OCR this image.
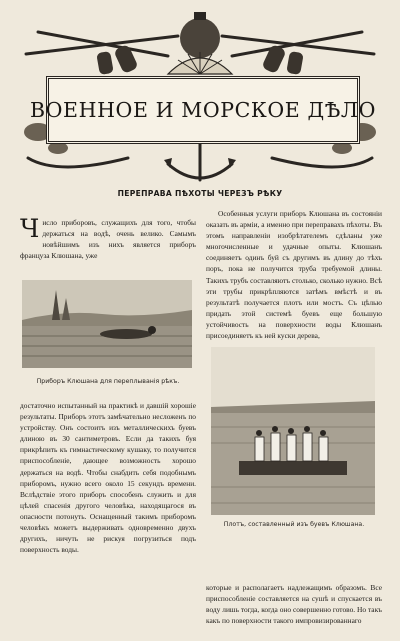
ВОЕННОЕ И МОРСКОЕ ДѢЛО
ПЕРЕПРАВА ПѢХОТЫ ЧЕРЕЗЪ РѢКУ

Число приборовъ, служащихъ для того, чтобы держаться на водѣ, очень велико. Самымъ новѣйшимъ изъ нихъ является приборъ француза Клюшана, уже

Приборъ Клюшана для переплыванія рѣкъ.

достаточно испытанный на практикѣ и давшій хорошіе результаты. Приборъ этотъ замѣчательно несложенъ по устройству. Онъ состоитъ изъ металлическихъ буевъ длиною въ 30 сантиметровъ. Если да такихъ буя прикрѣпить къ гимнастическому кушаку, то получится приспособленіе, дающее возможность хорошо держаться на водѣ. Чтобы снабдить себя подобнымъ приборомъ, нужно всего около 15 секундъ времени. Вслѣдствіе этого приборъ способенъ служить и для цѣлей спасенія другого человѣка, находящагося въ опасности потонуть. Оснащенный такимъ приборомъ человѣкъ можетъ выдерживать одновременно двухъ другихъ, ничуть не рискуя погрузиться подъ поверхность воды.

Особенныя услуги приборъ Клюшана въ состояніи оказать въ арміи, а именно при переправахъ пѣхоты. Въ этомъ направленіи изобрѣтателемъ сдѣланы уже многочисленные и удачные опыты. Клюшанъ соединяетъ одинъ буй съ другимъ въ длину до тѣхъ поръ, пока не получится труба требуемой длины. Такихъ трубъ составляютъ столько, сколько нужно. Всѣ эти трубы прикрѣпляются затѣмъ вмѣстѣ и въ результатѣ получается плотъ или мостъ. Съ цѣлью придать этой системѣ буевъ еще большую устойчивость на поверхности воды Клюшанъ присоединяетъ къ ней куски дерева,

Плотъ, составленный изъ буевъ Клюшана.

которые и располагаетъ надлежащимъ образомъ. Все приспособленіе составляется на сушѣ и спускается въ воду лишь тогда, когда оно совершенно готово. Но такъ какъ по поверхности такого импровизированнаго
